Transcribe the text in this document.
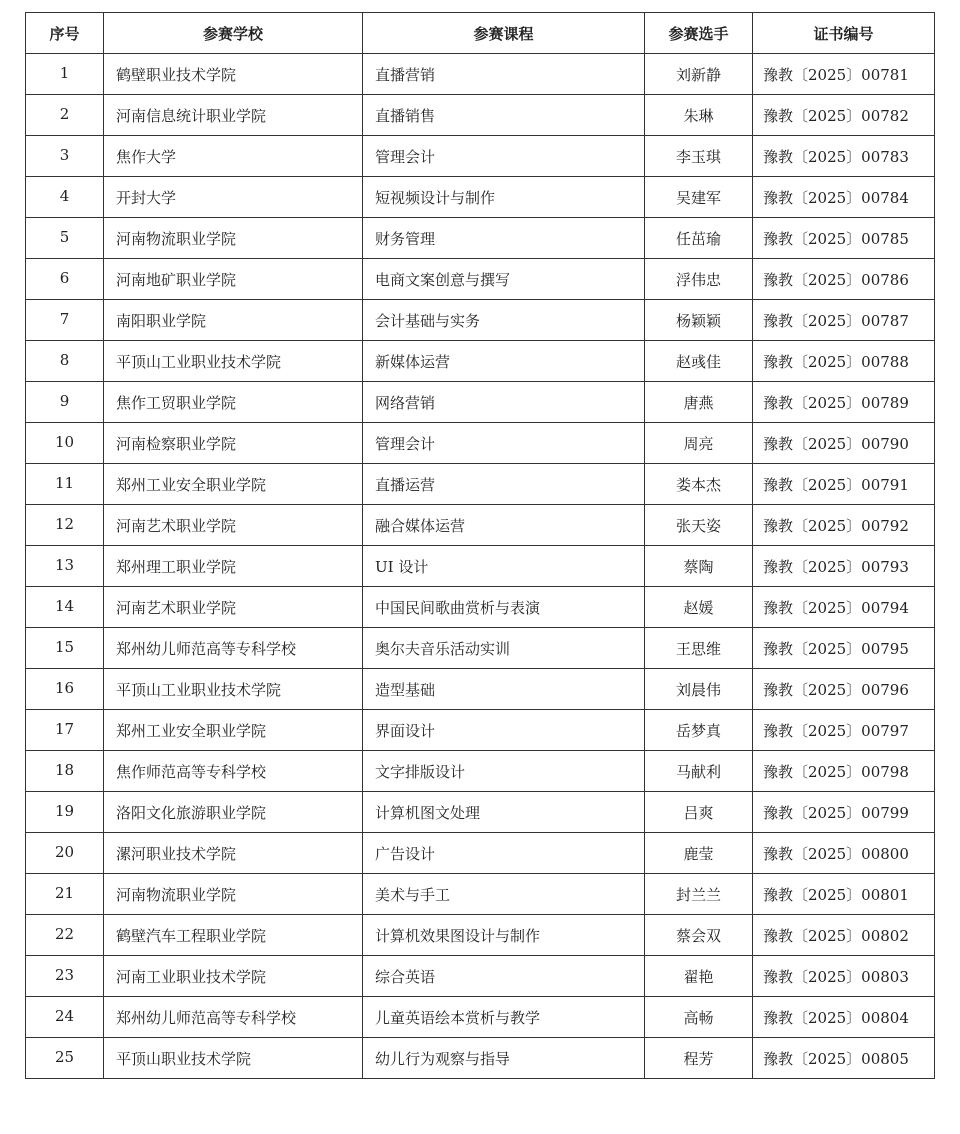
序号	参赛学校	参赛课程	参赛选手	证书编号
1	鹤壁职业技术学院	直播营销	刘新静	豫教〔2025〕00781
2	河南信息统计职业学院	直播销售	朱琳	豫教〔2025〕00782
3	焦作大学	管理会计	李玉琪	豫教〔2025〕00783
4	开封大学	短视频设计与制作	吴建军	豫教〔2025〕00784
5	河南物流职业学院	财务管理	任茁瑜	豫教〔2025〕00785
6	河南地矿职业学院	电商文案创意与撰写	浮伟忠	豫教〔2025〕00786
7	南阳职业学院	会计基础与实务	杨颖颖	豫教〔2025〕00787
8	平顶山工业职业技术学院	新媒体运营	赵彧佳	豫教〔2025〕00788
9	焦作工贸职业学院	网络营销	唐燕	豫教〔2025〕00789
10	河南检察职业学院	管理会计	周亮	豫教〔2025〕00790
11	郑州工业安全职业学院	直播运营	娄本杰	豫教〔2025〕00791
12	河南艺术职业学院	融合媒体运营	张天姿	豫教〔2025〕00792
13	郑州理工职业学院	UI 设计	蔡陶	豫教〔2025〕00793
14	河南艺术职业学院	中国民间歌曲赏析与表演	赵媛	豫教〔2025〕00794
15	郑州幼儿师范高等专科学校	奥尔夫音乐活动实训	王思维	豫教〔2025〕00795
16	平顶山工业职业技术学院	造型基础	刘晨伟	豫教〔2025〕00796
17	郑州工业安全职业学院	界面设计	岳梦真	豫教〔2025〕00797
18	焦作师范高等专科学校	文字排版设计	马献利	豫教〔2025〕00798
19	洛阳文化旅游职业学院	计算机图文处理	吕爽	豫教〔2025〕00799
20	漯河职业技术学院	广告设计	鹿莹	豫教〔2025〕00800
21	河南物流职业学院	美术与手工	封兰兰	豫教〔2025〕00801
22	鹤壁汽车工程职业学院	计算机效果图设计与制作	蔡会双	豫教〔2025〕00802
23	河南工业职业技术学院	综合英语	翟艳	豫教〔2025〕00803
24	郑州幼儿师范高等专科学校	儿童英语绘本赏析与教学	高畅	豫教〔2025〕00804
25	平顶山职业技术学院	幼儿行为观察与指导	程芳	豫教〔2025〕00805
